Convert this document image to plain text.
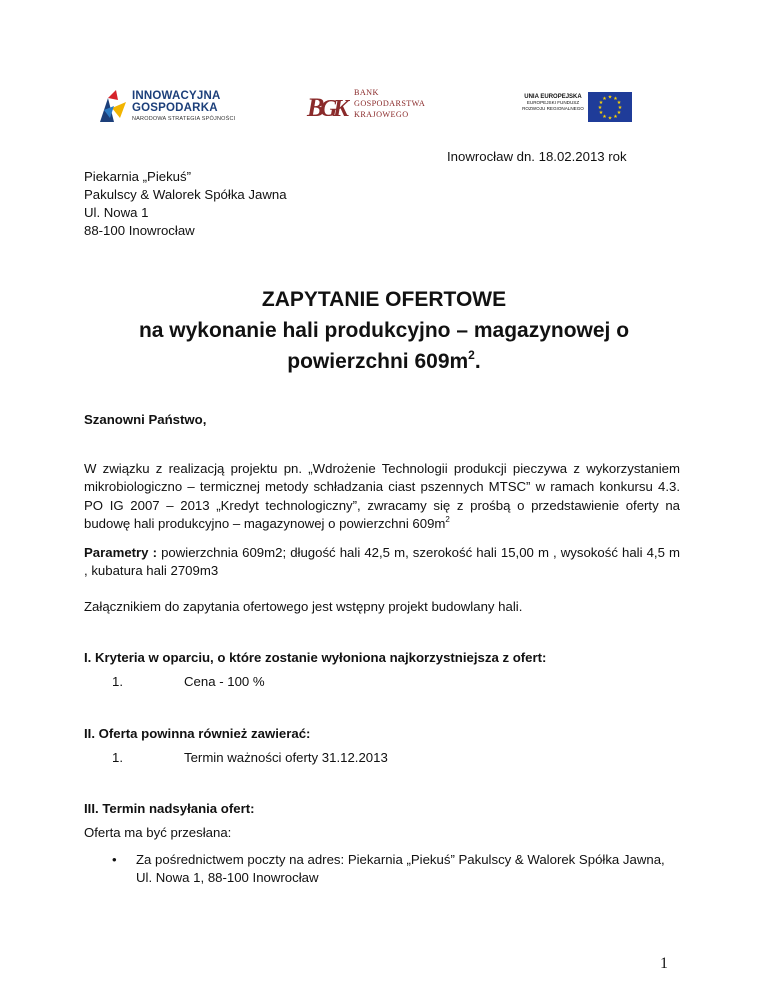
INNOWACYJNA
GOSPODARKA
NARODOWA STRATEGIA SPÓJNOŚCI	B
G
K
BANK
GOSPODARSTWA
KRAJOWEGO
UNIA EUROPEJSKA
EUROPEJSKI FUNDUSZ
ROZWOJU REGIONALNEGO
★ ★
★
★
★
★
★
★
★
★
★
★
Inowrocław dn. 18.02.2013 rok
Piekarnia „Piekuś”
Pakulscy & Walorek Spółka Jawna
Ul. Nowa 1
88-100 Inowrocław
ZAPYTANIE OFERTOWE
na wykonanie hali produkcyjno – magazynowej o
powierzchni $609m^2$.
Szanowni Państwo,
W związku z realizacją projektu pn. „Wdrożenie Technologii produkcji pieczywa z wykorzystaniem mikrobiologiczno – termicznej metody schładzania ciast pszennych MTSC” w ramach konkursu 4.3. PO IG 2007 – 2013 „Kredyt technologiczny”, zwracamy się z prośbą o przedstawienie oferty na budowę hali produkcyjno – magazynowej o powierzchni $609m^2$
Parametry : powierzchnia 609m2; długość hali 42,5 m, szerokość hali 15,00 m , wysokość hali 4,5 m , kubatura hali 2709m3
Załącznikiem do zapytania ofertowego jest wstępny projekt budowlany hali.
I. Kryteria w oparciu, o które zostanie wyłoniona najkorzystniejsza z ofert:
1.	Cena - 100 %
II. Oferta powinna również zawierać:
1.	Termin ważności oferty 31.12.2013
III. Termin nadsyłania ofert:
Oferta ma być przesłana:
• Za pośrednictwem poczty na adres: Piekarnia „Piekuś” Pakulscy & Walorek Spółka Jawna, Ul. Nowa 1, 88-100 Inowrocław
1
